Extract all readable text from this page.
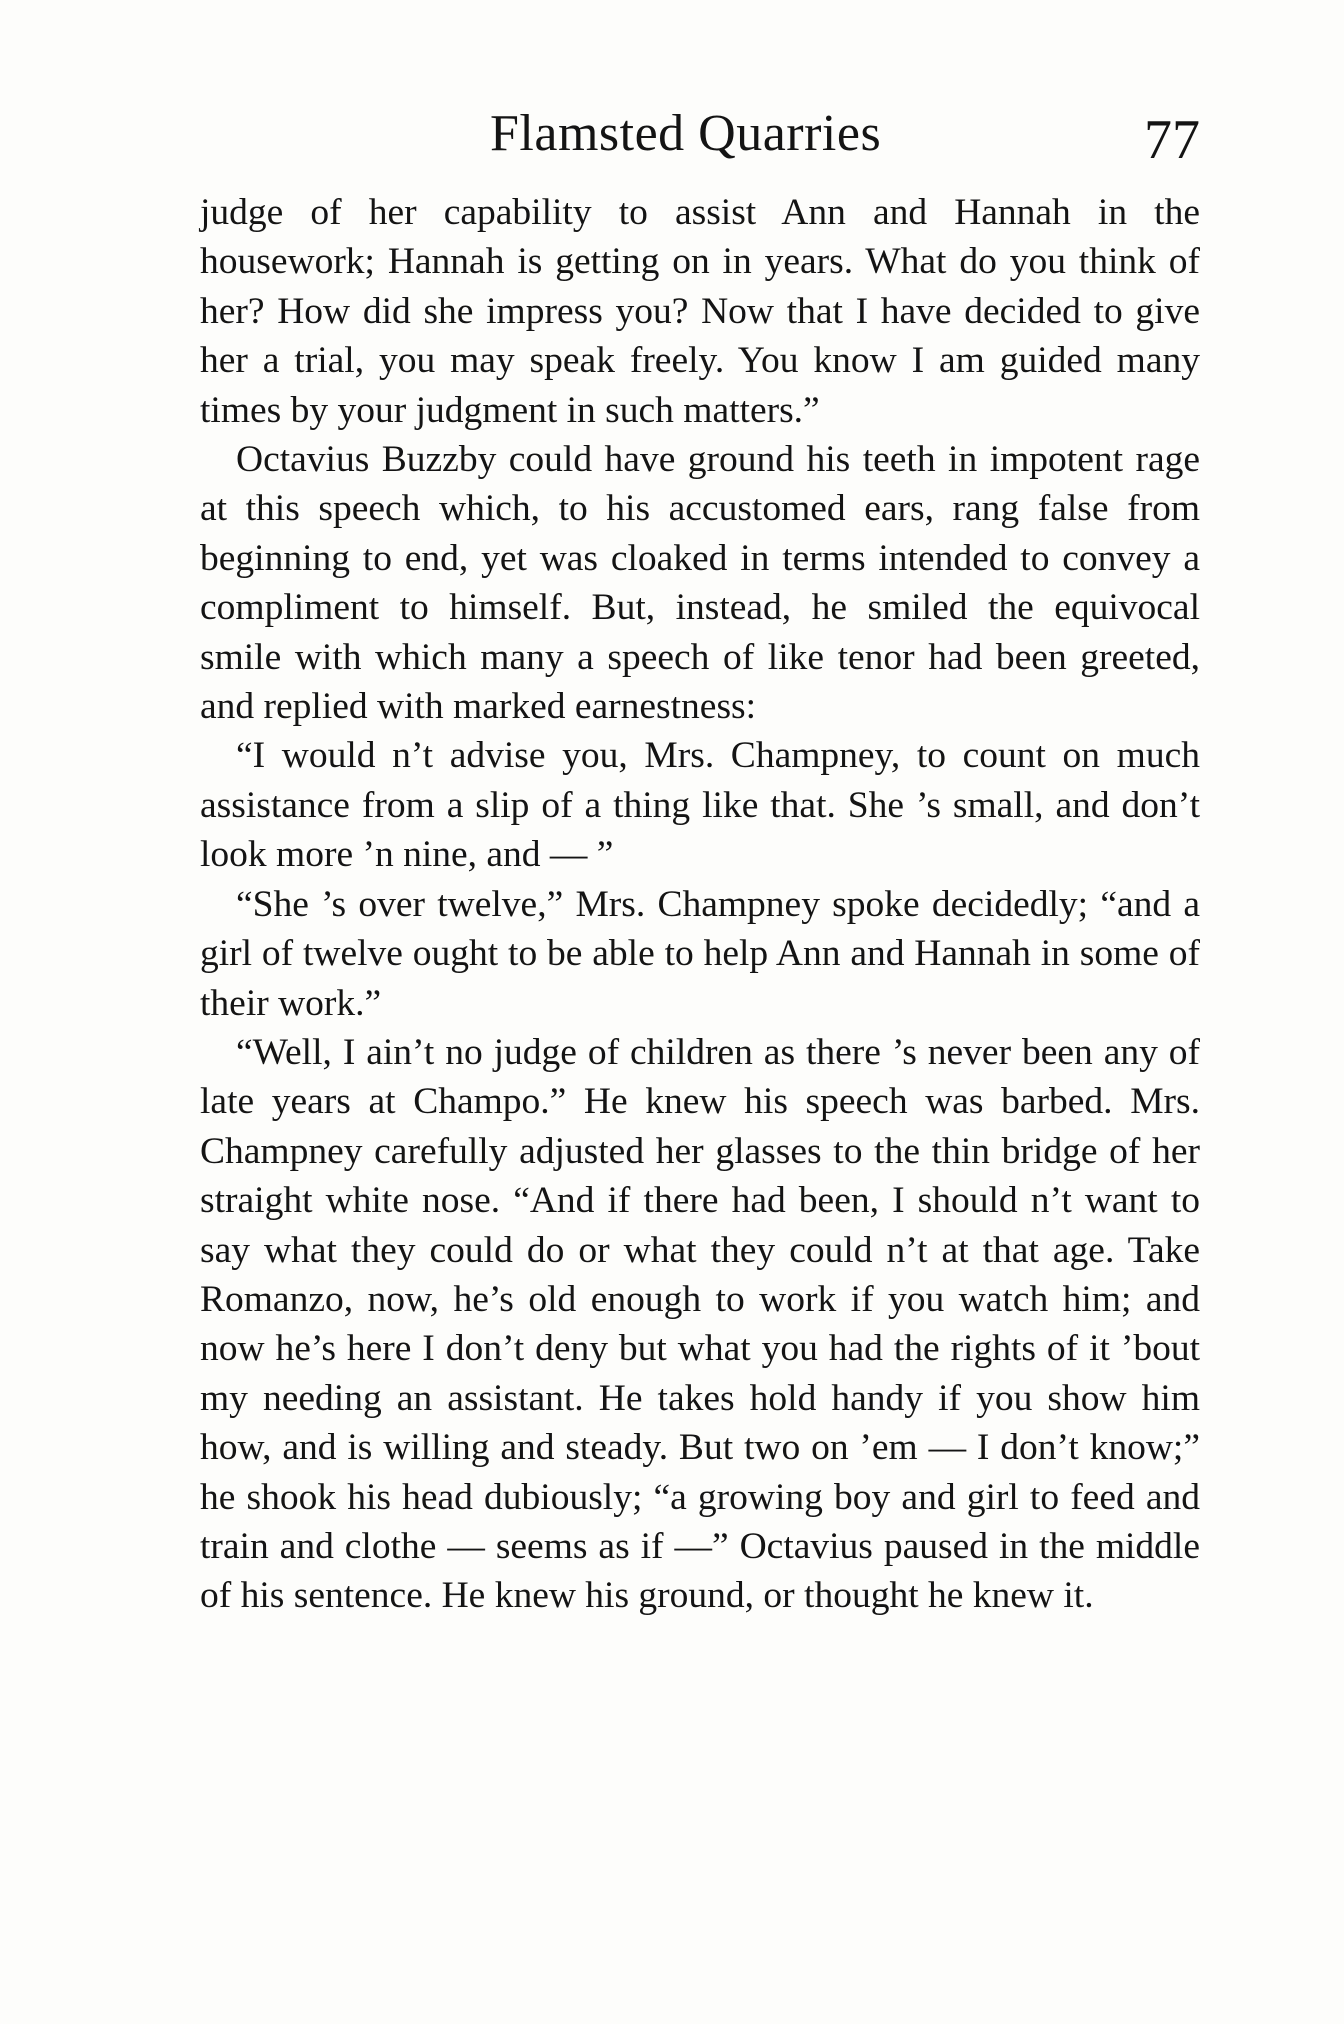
Flamsted Quarries	77

judge of her capability to assist Ann and Hannah in the housework; Hannah is getting on in years. What do you think of her? How did she impress you? Now that I have decided to give her a trial, you may speak freely. You know I am guided many times by your judgment in such matters.”

Octavius Buzzby could have ground his teeth in impotent rage at this speech which, to his accustomed ears, rang false from beginning to end, yet was cloaked in terms intended to convey a compliment to himself. But, instead, he smiled the equivocal smile with which many a speech of like tenor had been greeted, and replied with marked earnestness:

“I would n’t advise you, Mrs. Champney, to count on much assistance from a slip of a thing like that. She ’s small, and don’t look more ’n nine, and — ”

“She ’s over twelve,” Mrs. Champney spoke decidedly; “and a girl of twelve ought to be able to help Ann and Hannah in some of their work.”

“Well, I ain’t no judge of children as there ’s never been any of late years at Champo.” He knew his speech was barbed. Mrs. Champney carefully adjusted her glasses to the thin bridge of her straight white nose. “And if there had been, I should n’t want to say what they could do or what they could n’t at that age. Take Romanzo, now, he’s old enough to work if you watch him; and now he’s here I don’t deny but what you had the rights of it ’bout my needing an assistant. He takes hold handy if you show him how, and is willing and steady. But two on ’em — I don’t know;” he shook his head dubiously; “a growing boy and girl to feed and train and clothe — seems as if —” Octavius paused in the middle of his sentence. He knew his ground, or thought he knew it.
